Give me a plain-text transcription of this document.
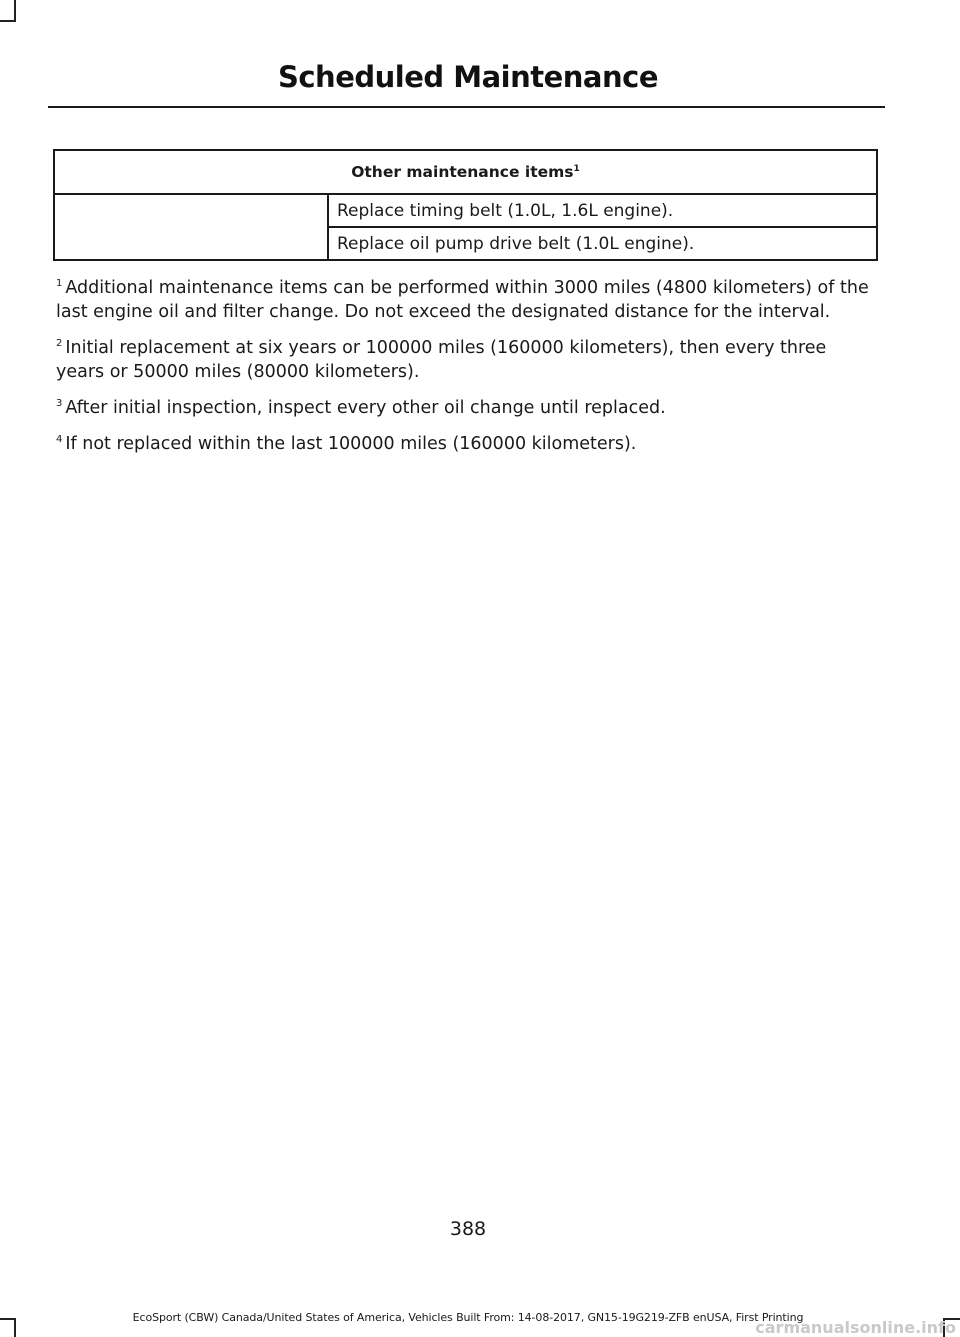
Scheduled Maintenance
Other maintenance items$^1$
	Replace timing belt (1.0L, 1.6L engine).
Replace oil pump drive belt (1.0L engine).

$^1$ Additional maintenance items can be performed within 3000 miles (4800 kilometers) of the last engine oil and filter change. Do not exceed the designated distance for the interval.

$^2$ Initial replacement at six years or 100000 miles (160000 kilometers), then every three years or 50000 miles (80000 kilometers).

$^3$ After initial inspection, inspect every other oil change until replaced.

$^4$ If not replaced within the last 100000 miles (160000 kilometers).

388
EcoSport (CBW) Canada/United States of America, Vehicles Built From: 14-08-2017, GN15-19G219-ZFB enUSA, First Printing
carmanualsonline.info
